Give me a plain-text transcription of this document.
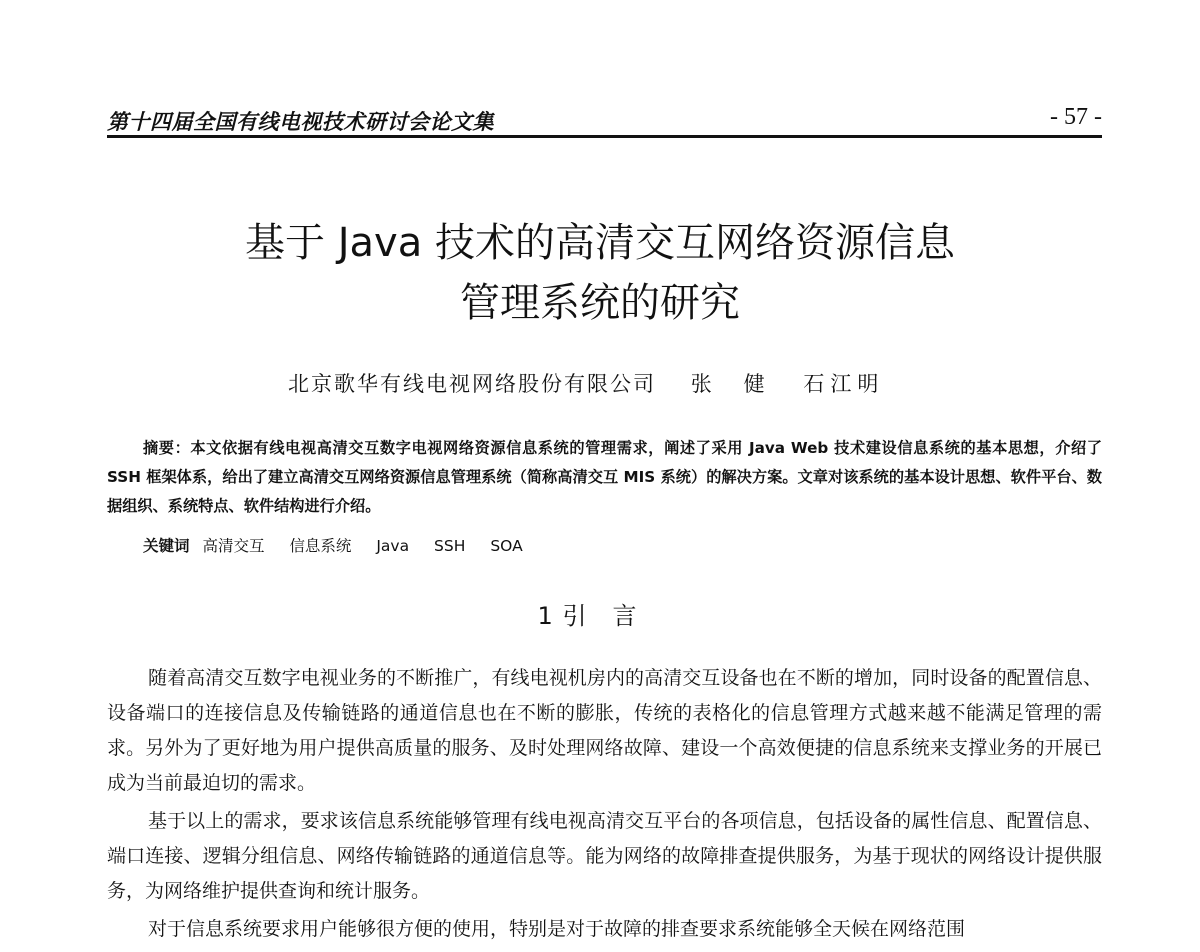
第十四届全国有线电视技术研讨会论文集	- 57 -
基于 Java 技术的高清交互网络资源信息
管理系统的研究
北京歌华有线电视网络股份有限公司 张健 石江明
摘要：本文依据有线电视高清交互数字电视网络资源信息系统的管理需求，阐述了采用 Java Web 技术建设信息系统的基本思想，介绍了 SSH 框架体系，给出了建立高清交互网络资源信息管理系统（简称高清交互 MIS 系统）的解决方案。文章对该系统的基本设计思想、软件平台、数据组织、系统特点、软件结构进行介绍。
关键词 高清交互 信息系统 Java SSH SOA
1 引言

随着高清交互数字电视业务的不断推广，有线电视机房内的高清交互设备也在不断的增加，同时设备的配置信息、设备端口的连接信息及传输链路的通道信息也在不断的膨胀，传统的表格化的信息管理方式越来越不能满足管理的需求。另外为了更好地为用户提供高质量的服务、及时处理网络故障、建设一个高效便捷的信息系统来支撑业务的开展已成为当前最迫切的需求。

基于以上的需求，要求该信息系统能够管理有线电视高清交互平台的各项信息，包括设备的属性信息、配置信息、端口连接、逻辑分组信息、网络传输链路的通道信息等。能为网络的故障排查提供服务，为基于现状的网络设计提供服务，为网络维护提供查询和统计服务。

对于信息系统要求用户能够很方便的使用，特别是对于故障的排查要求系统能够全天候在网络范围
